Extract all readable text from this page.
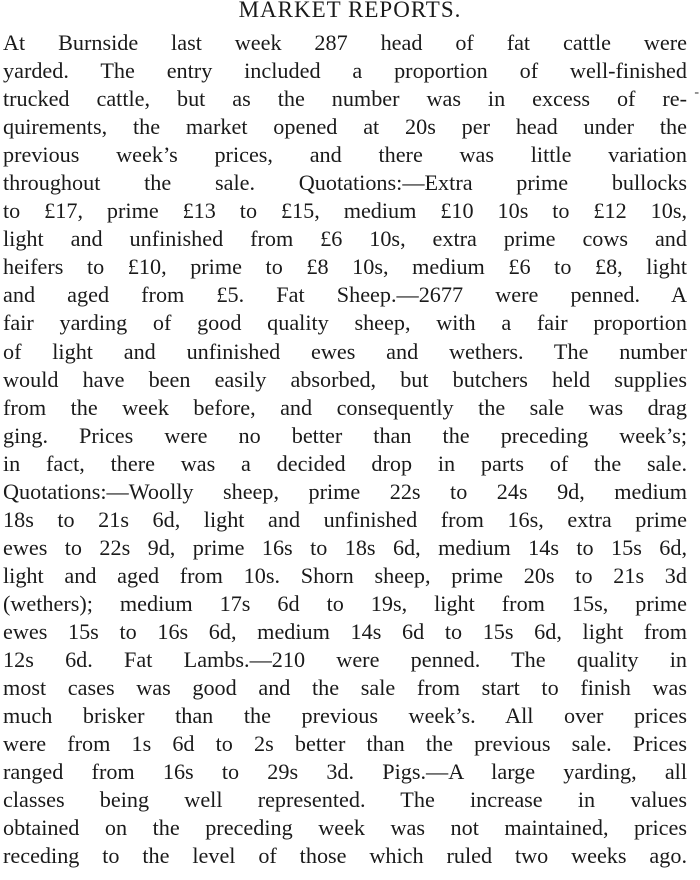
MARKET REPORTS.
At Burnside last week 287 head of fat cattle were
yarded. The entry included a proportion of well-finished
trucked cattle, but as the number was in excess of re-
quirements, the market opened at 20s per head under the
previous week’s prices, and there was little variation
throughout the sale. Quotations:—Extra prime bullocks
to £17, prime £13 to £15, medium £10 10s to £12 10s,
light and unfinished from £6 10s, extra prime cows and
heifers to £10, prime to £8 10s, medium £6 to £8, light
and aged from £5. Fat Sheep.—2677 were penned. A
fair yarding of good quality sheep, with a fair proportion
of light and unfinished ewes and wethers. The number
would have been easily absorbed, but butchers held supplies
from the week before, and consequently the sale was drag
ging. Prices were no better than the preceding week’s;
in fact, there was a decided drop in parts of the sale.
Quotations:—Woolly sheep, prime 22s to 24s 9d, medium
18s to 21s 6d, light and unfinished from 16s, extra prime
ewes to 22s 9d, prime 16s to 18s 6d, medium 14s to 15s 6d,
light and aged from 10s. Shorn sheep, prime 20s to 21s 3d
(wethers); medium 17s 6d to 19s, light from 15s, prime
ewes 15s to 16s 6d, medium 14s 6d to 15s 6d, light from
12s 6d. Fat Lambs.—210 were penned. The quality in
most cases was good and the sale from start to finish was
much brisker than the previous week’s. All over prices
were from 1s 6d to 2s better than the previous sale. Prices
ranged from 16s to 29s 3d. Pigs.—A large yarding, all
classes being well represented. The increase in values
obtained on the preceding week was not maintained, prices
receding to the level of those which ruled two weeks ago.
‐
